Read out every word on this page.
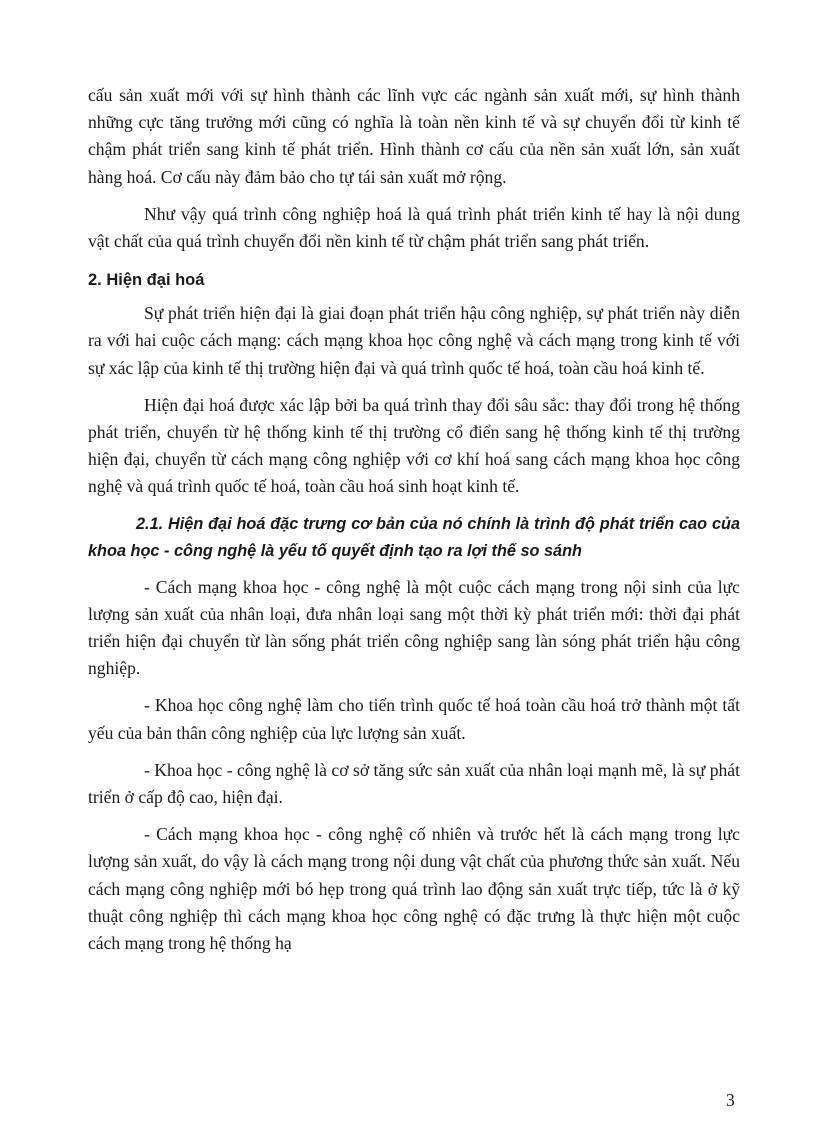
cấu sản xuất mới với sự hình thành các lĩnh vực các ngành sản xuất mới, sự hình thành những cực tăng trưởng mới cũng có nghĩa là toàn nền kinh tế và sự chuyển đổi từ kinh tế chậm phát triển sang kinh tế phát triển. Hình thành cơ cấu của nền sản xuất lớn, sản xuất hàng hoá. Cơ cấu này đảm bảo cho tự tái sản xuất mở rộng.

Như vậy quá trình công nghiệp hoá là quá trình phát triển kinh tế hay là nội dung vật chất của quá trình chuyển đổi nền kinh tế từ chậm phát triển sang phát triển.

2. Hiện đại hoá

Sự phát triển hiện đại là giai đoạn phát triển hậu công nghiệp, sự phát triển này diễn ra với hai cuộc cách mạng: cách mạng khoa học công nghệ và cách mạng trong kinh tế với sự xác lập của kinh tế thị trường hiện đại và quá trình quốc tế hoá, toàn cầu hoá kinh tế.

Hiện đại hoá được xác lập bởi ba quá trình thay đổi sâu sắc: thay đổi trong hệ thống phát triển, chuyển từ hệ thống kinh tế thị trường cổ điển sang hệ thống kinh tế thị trường hiện đại, chuyển từ cách mạng công nghiệp với cơ khí hoá sang cách mạng khoa học công nghệ và quá trình quốc tế hoá, toàn cầu hoá sinh hoạt kinh tế.

2.1. Hiện đại hoá đặc trưng cơ bản của nó chính là trình độ phát triển cao của khoa học - công nghệ là yếu tố quyết định tạo ra lợi thế so sánh

- Cách mạng khoa học - công nghệ là một cuộc cách mạng trong nội sinh của lực lượng sản xuất của nhân loại, đưa nhân loại sang một thời kỳ phát triển mới: thời đại phát triển hiện đại chuyển từ làn sống phát triển công nghiệp sang làn sóng phát triển hậu công nghiệp.

- Khoa học công nghệ làm cho tiến trình quốc tế hoá toàn cầu hoá trở thành một tất yếu của bản thân công nghiệp của lực lượng sản xuất.

- Khoa học - công nghệ là cơ sở tăng sức sản xuất của nhân loại mạnh mẽ, là sự phát triển ở cấp độ cao, hiện đại.

- Cách mạng khoa học - công nghệ cố nhiên và trước hết là cách mạng trong lực lượng sản xuất, do vậy là cách mạng trong nội dung vật chất của phương thức sản xuất. Nếu cách mạng công nghiệp mới bó hẹp trong quá trình lao động sản xuất trực tiếp, tức là ở kỹ thuật công nghiệp thì cách mạng khoa học công nghệ có đặc trưng là thực hiện một cuộc cách mạng trong hệ thống hạ

3
